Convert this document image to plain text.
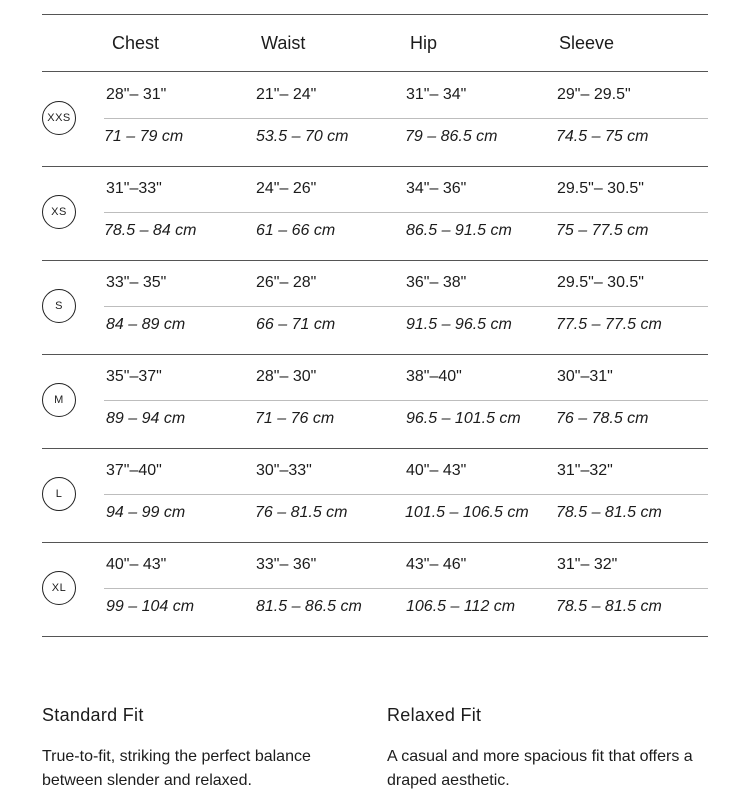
Chest	Waist	Hip	Sleeve
XXS
28"– 31"	21"– 24"	31"– 34"	29"– 29.5"
71 – 79 cm	53.5 – 70 cm	79 – 86.5 cm	74.5 – 75 cm
XS
31"–33"	24"– 26"	34"– 36"	29.5"– 30.5"
78.5 – 84 cm	61 – 66 cm	86.5 – 91.5 cm	75 – 77.5 cm
S
33"– 35"	26"– 28"	36"– 38"	29.5"– 30.5"
84 – 89 cm	66 – 71 cm	91.5 – 96.5 cm	77.5 – 77.5 cm
M
35"–37"	28"– 30"	38"–40"	30"–31"
89 – 94 cm	71 – 76 cm	96.5 – 101.5 cm 76 – 78.5 cm
L
37"–40"	30"–33"	40"– 43"	31"–32"
94 – 99 cm	76 – 81.5 cm	101.5 – 106.5 cm 78.5 – 81.5 cm
XL
40"– 43"	33"– 36"	43"– 46"	31"– 32"
99 – 104 cm	81.5 – 86.5 cm	106.5 – 112 cm	78.5 – 81.5 cm
Standard Fit
True-to-fit, striking the perfect balance between slender and relaxed.
Relaxed Fit
A casual and more spacious fit that offers a draped aesthetic.
